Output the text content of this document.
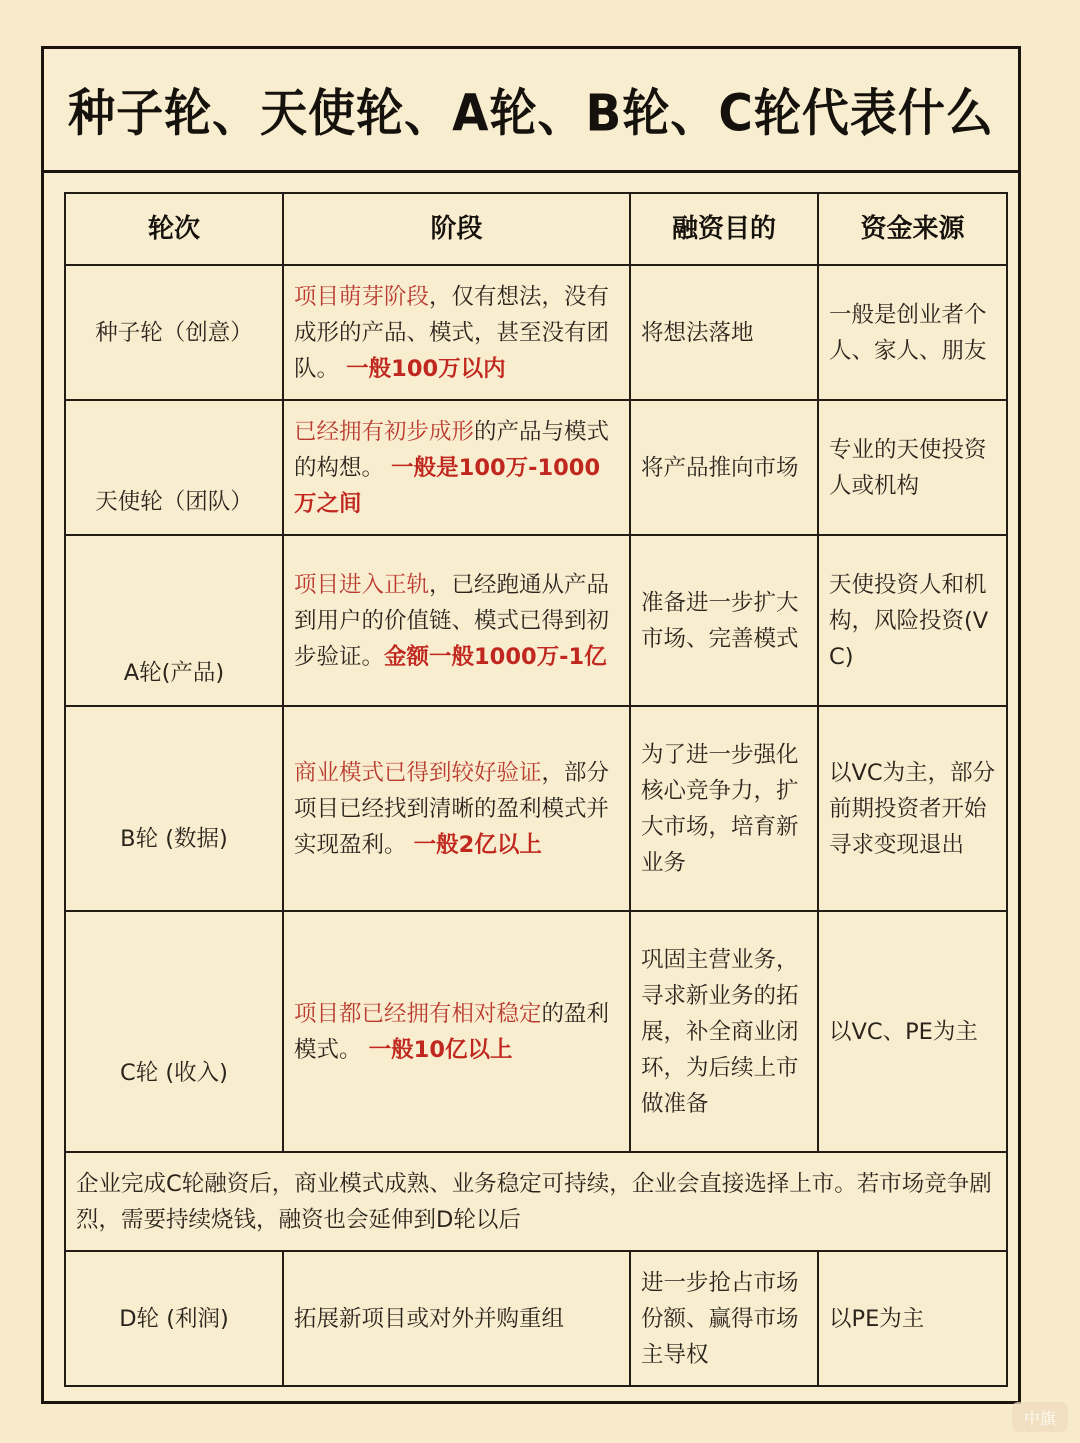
种子轮、天使轮、A轮、B轮、C轮代表什么
轮次	阶段	融资目的	资金来源
种子轮（创意）	项目萌芽阶段，仅有想法，没有成形的产品、模式，甚至没有团队。 一般100万以内	将想法落地	一般是创业者个人、家人、朋友
天使轮（团队）	已经拥有初步成形的产品与模式的构想。 一般是100万-1000万之间	将产品推向市场	专业的天使投资人或机构
A轮(产品)	项目进入正轨，已经跑通从产品到用户的价值链、模式已得到初步验证。金额一般1000万-1亿	准备进一步扩大市场、完善模式	天使投资人和机构，风险投资(VC)
B轮 (数据)	商业模式已得到较好验证，部分项目已经找到清晰的盈利模式并实现盈利。 一般2亿以上	为了进一步强化核心竞争力，扩大市场，培育新业务	以VC为主，部分前期投资者开始寻求变现退出
C轮 (收入)	项目都已经拥有相对稳定的盈利模式。 一般10亿以上	巩固主营业务，寻求新业务的拓展，补全商业闭环，为后续上市做准备	以VC、PE为主
企业完成C轮融资后，商业模式成熟、业务稳定可持续，企业会直接选择上市。若市场竞争剧烈，需要持续烧钱，融资也会延伸到D轮以后			
D轮 (利润)	拓展新项目或对外并购重组	进一步抢占市场份额、赢得市场主导权	以PE为主
中旗
